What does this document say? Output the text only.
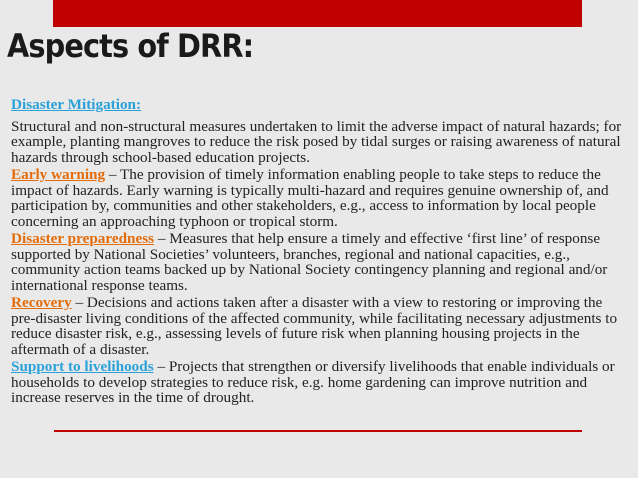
Aspects of DRR:

Disaster Mitigation:
Structural and non-structural measures undertaken to limit the adverse impact of natural hazards; for example, planting mangroves to reduce the risk posed by tidal surges or raising awareness of natural hazards through school-based education projects.

Early warning – The provision of timely information enabling people to take steps to reduce the impact of hazards. Early warning is typically multi-hazard and requires genuine ownership of, and participation by, communities and other stakeholders, e.g., access to information by local people concerning an approaching typhoon or tropical storm.

Disaster preparedness – Measures that help ensure a timely and effective ‘first line’ of response supported by National Societies’ volunteers, branches, regional and national capacities, e.g., community action teams backed up by National Society contingency planning and regional and/or international response teams.

Recovery – Decisions and actions taken after a disaster with a view to restoring or improving the pre-disaster living conditions of the affected community, while facilitating necessary adjustments to reduce disaster risk, e.g., assessing levels of future risk when planning housing projects in the aftermath of a disaster.

Support to livelihoods – Projects that strengthen or diversify livelihoods that enable individuals or households to develop strategies to reduce risk, e.g. home gardening can improve nutrition and increase reserves in the time of drought.
